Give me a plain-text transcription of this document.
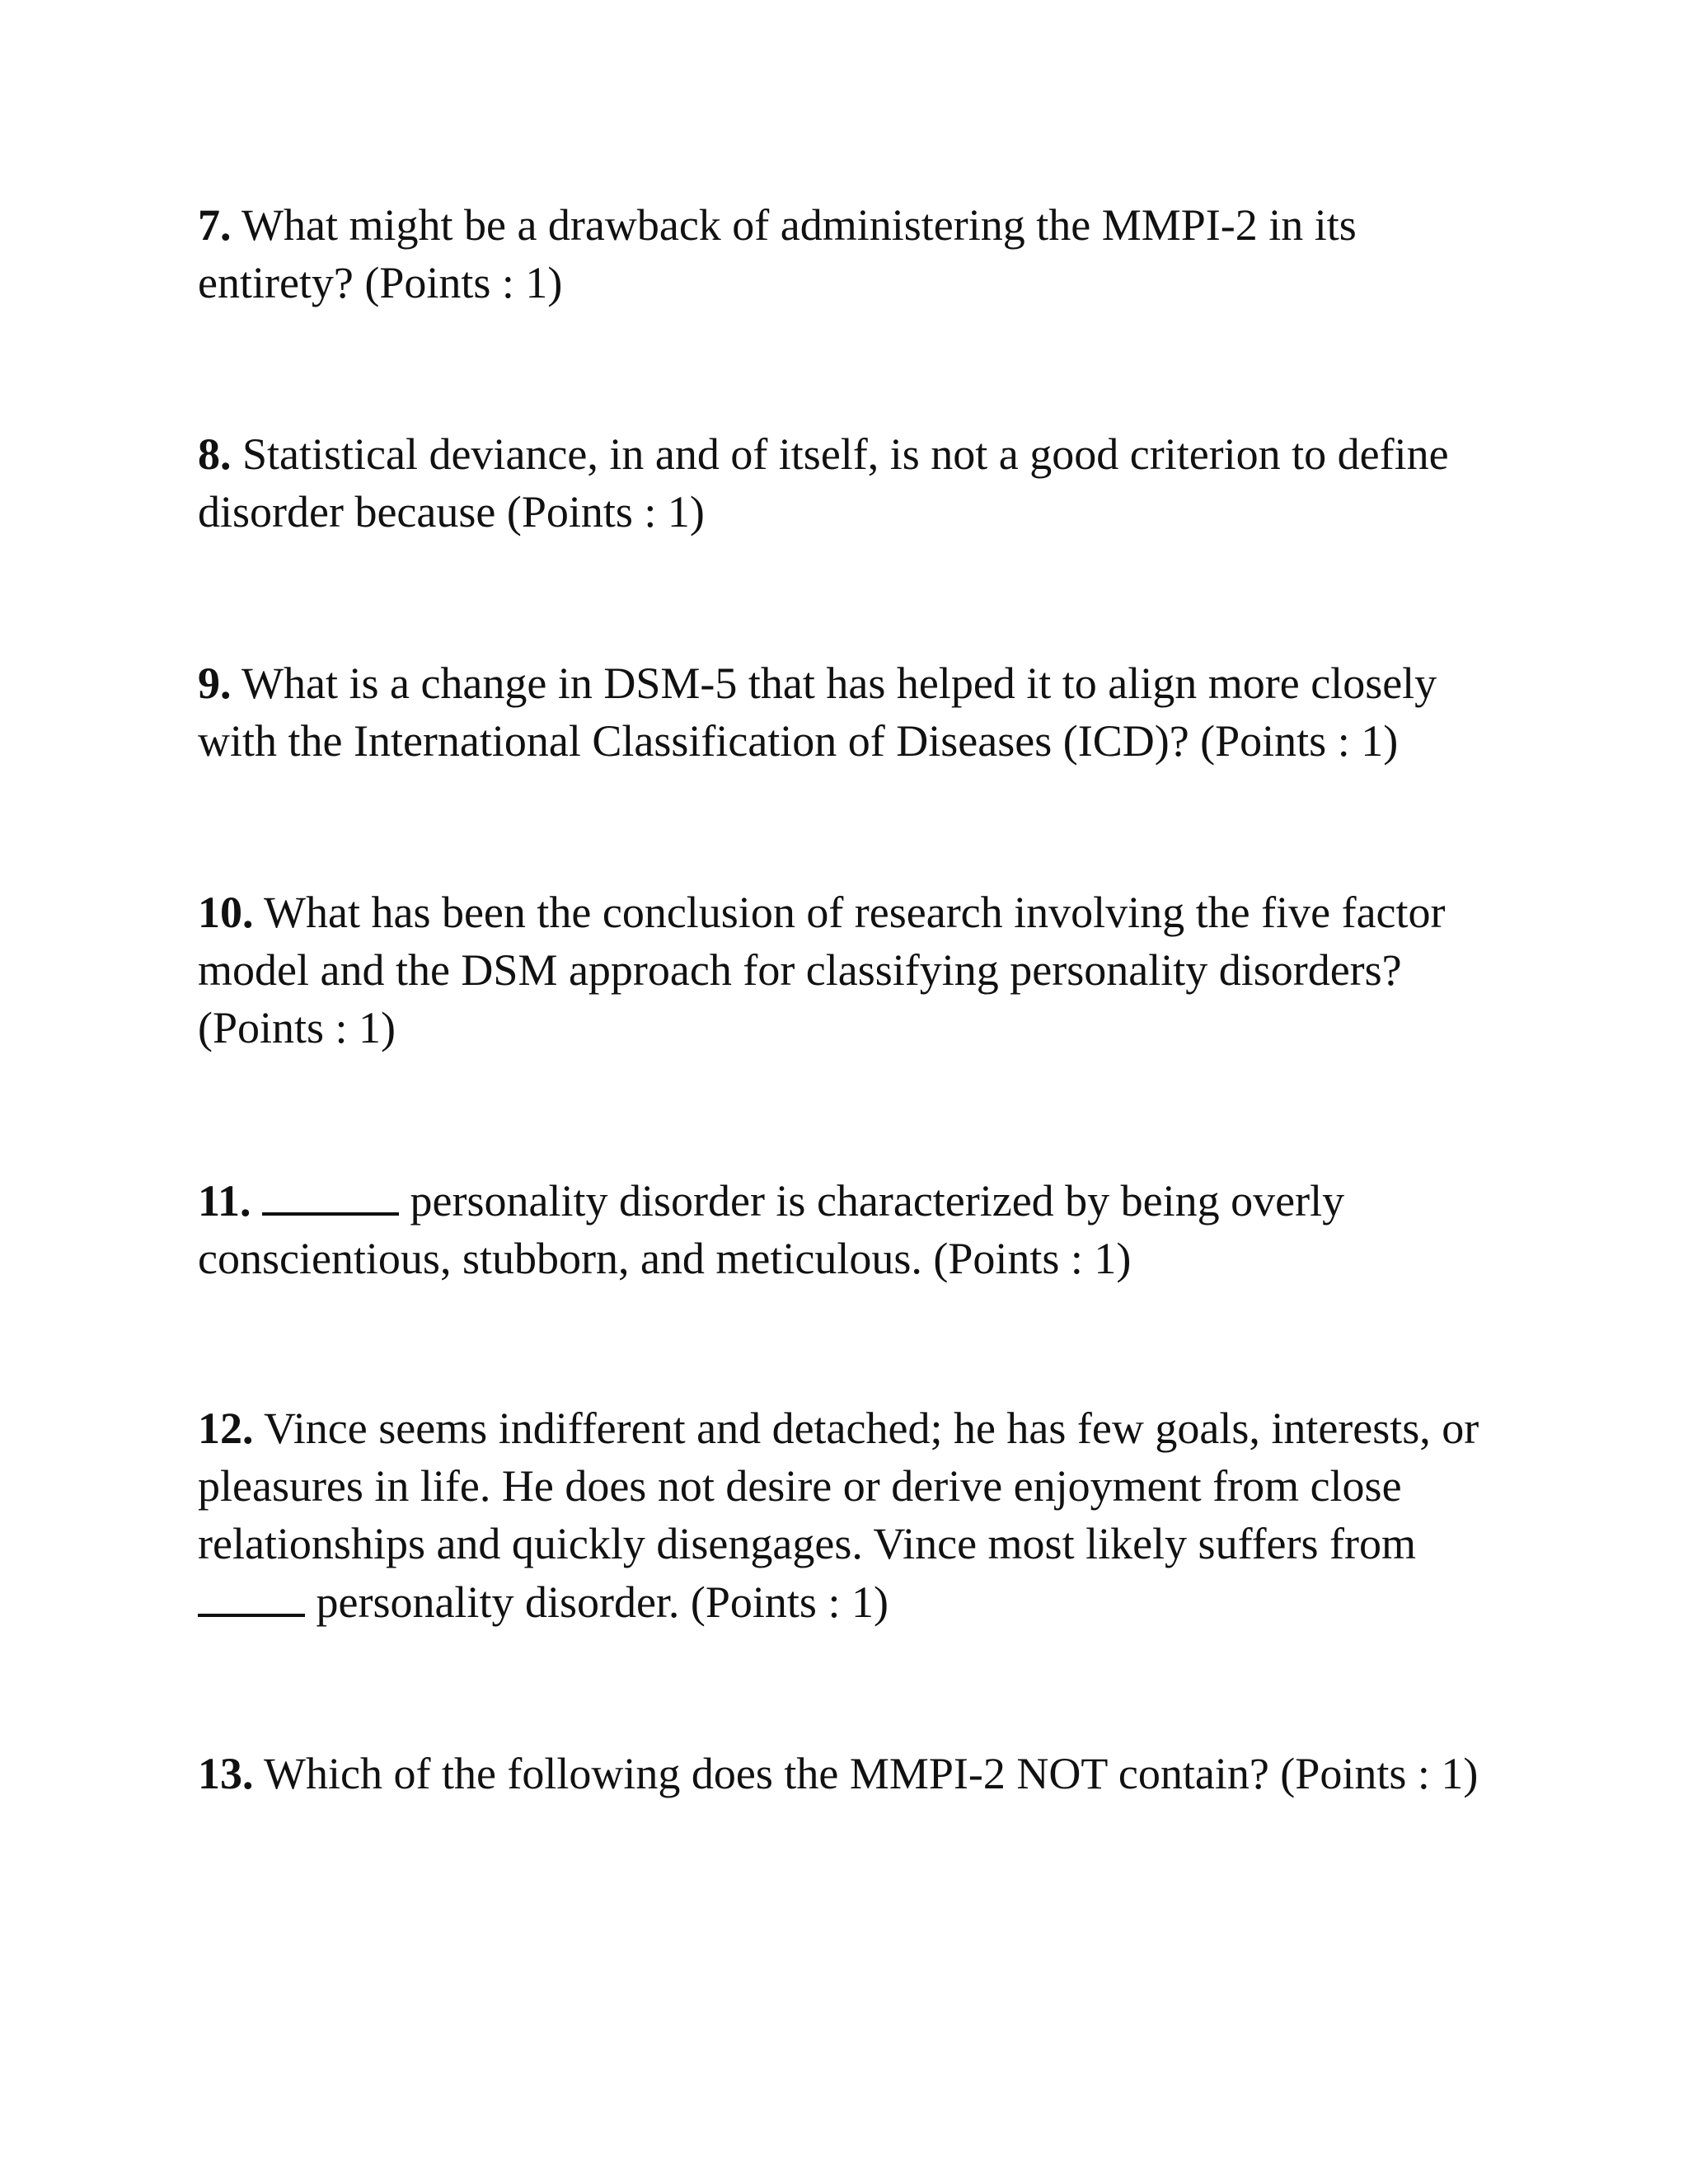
7. What might be a drawback of administering the MMPI-2 in its
entirety? (Points : 1)

8. Statistical deviance, in and of itself, is not a good criterion to define
disorder because (Points : 1)

9. What is a change in DSM-5 that has helped it to align more closely
with the International Classification of Diseases (ICD)? (Points : 1)

10. What has been the conclusion of research involving the five factor
model and the DSM approach for classifying personality disorders?
(Points : 1)

11.	personality disorder is characterized by being overly
conscientious, stubborn, and meticulous. (Points : 1)

12. Vince seems indifferent and detached; he has few goals, interests, or
pleasures in life. He does not desire or derive enjoyment from close
relationships and quickly disengages. Vince most likely suffers from
personality disorder. (Points : 1)

13. Which of the following does the MMPI-2 NOT contain? (Points : 1)
